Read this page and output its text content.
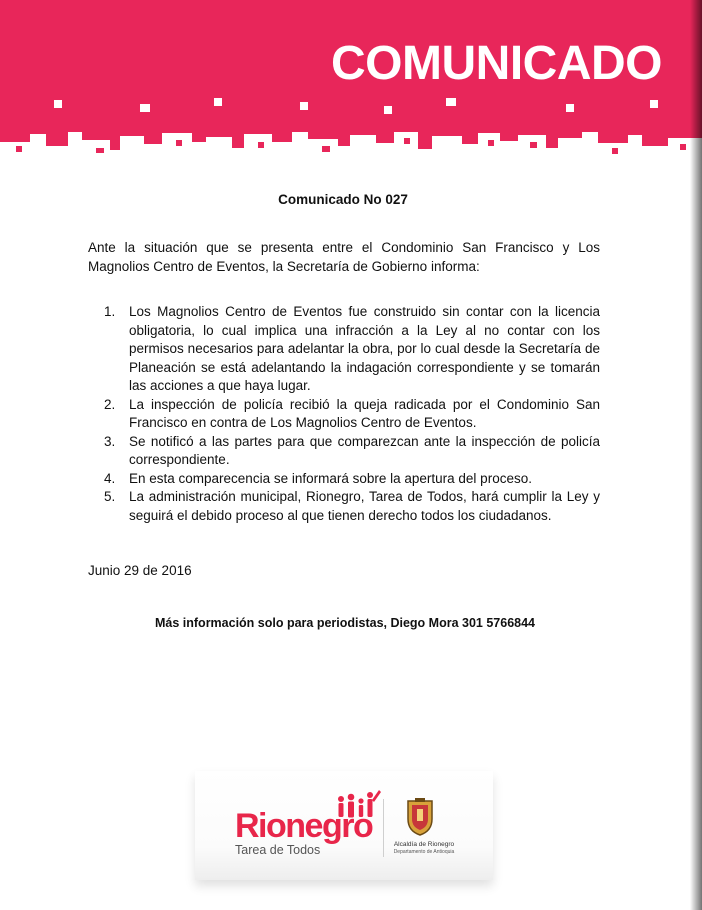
COMUNICADO
Comunicado No 027
Ante la situación que se presenta entre el Condominio San Francisco y Los Magnolios Centro de Eventos, la Secretaría de Gobierno informa:
1. Los Magnolios Centro de Eventos fue construido sin contar con la licencia obligatoria, lo cual implica una infracción a la Ley al no contar con los permisos necesarios para adelantar la obra, por lo cual desde la Secretaría de Planeación se está adelantando la indagación correspondiente y se tomarán las acciones a que haya lugar.
2. La inspección de policía recibió la queja radicada por el Condominio San Francisco en contra de Los Magnolios Centro de Eventos.
3. Se notificó a las partes para que comparezcan ante la inspección de policía correspondiente.
4. En esta comparecencia se informará sobre la apertura del proceso.
5. La administración municipal, Rionegro, Tarea de Todos, hará cumplir la Ley y seguirá el debido proceso al que tienen derecho todos los ciudadanos.
Junio 29 de 2016
Más información solo para periodistas, Diego Mora 301 5766844
Rionegro
Tarea de Todos	Alcaldía de Rionegro
Departamento de Antioquia
